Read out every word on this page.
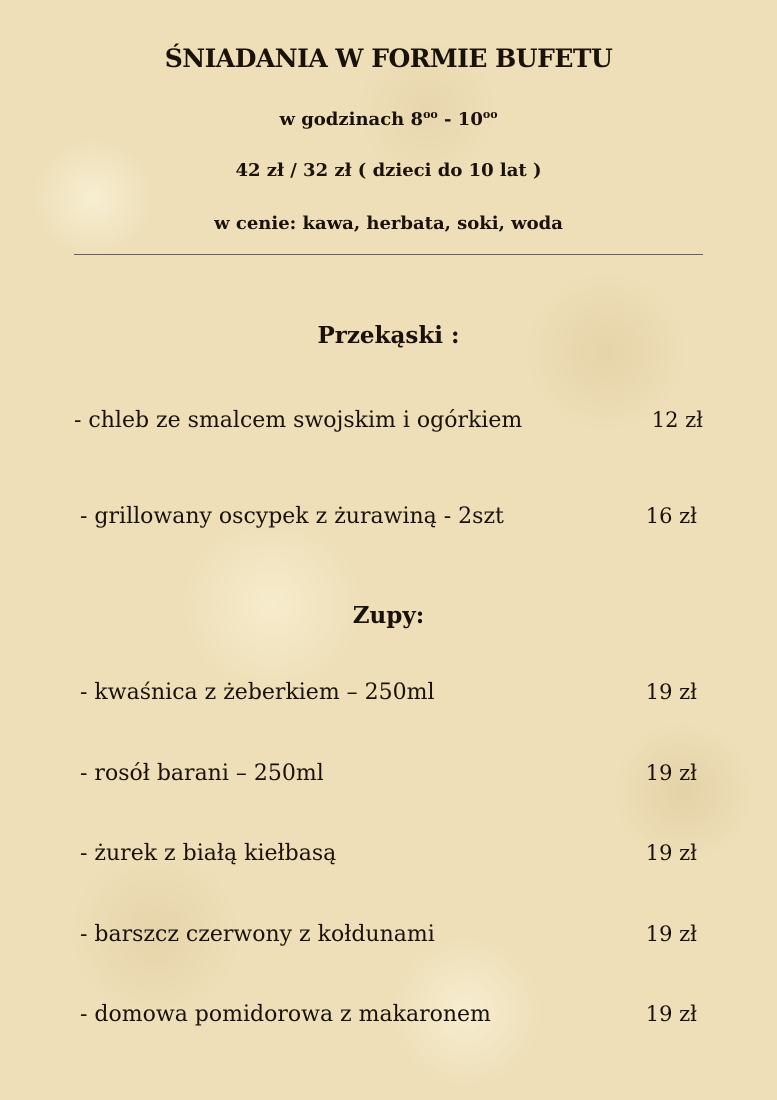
ŚNIADANIA W FORMIE BUFETU
w godzinach $8^{oo} - 10^{oo}$
42 zł / 32 zł ( dzieci do 10 lat )
w cenie: kawa, herbata, soki, woda
Przekąski :
- chleb ze smalcem swojskim i ogórkiem	12 zł
- grillowany oscypek z żurawiną - 2szt	16 zł
Zupy:
- kwaśnica z żeberkiem – 250ml	19 zł
- rosół barani – 250ml	19 zł
- żurek z białą kiełbasą	19 zł
- barszcz czerwony z kołdunami	19 zł
- domowa pomidorowa z makaronem	19 zł
